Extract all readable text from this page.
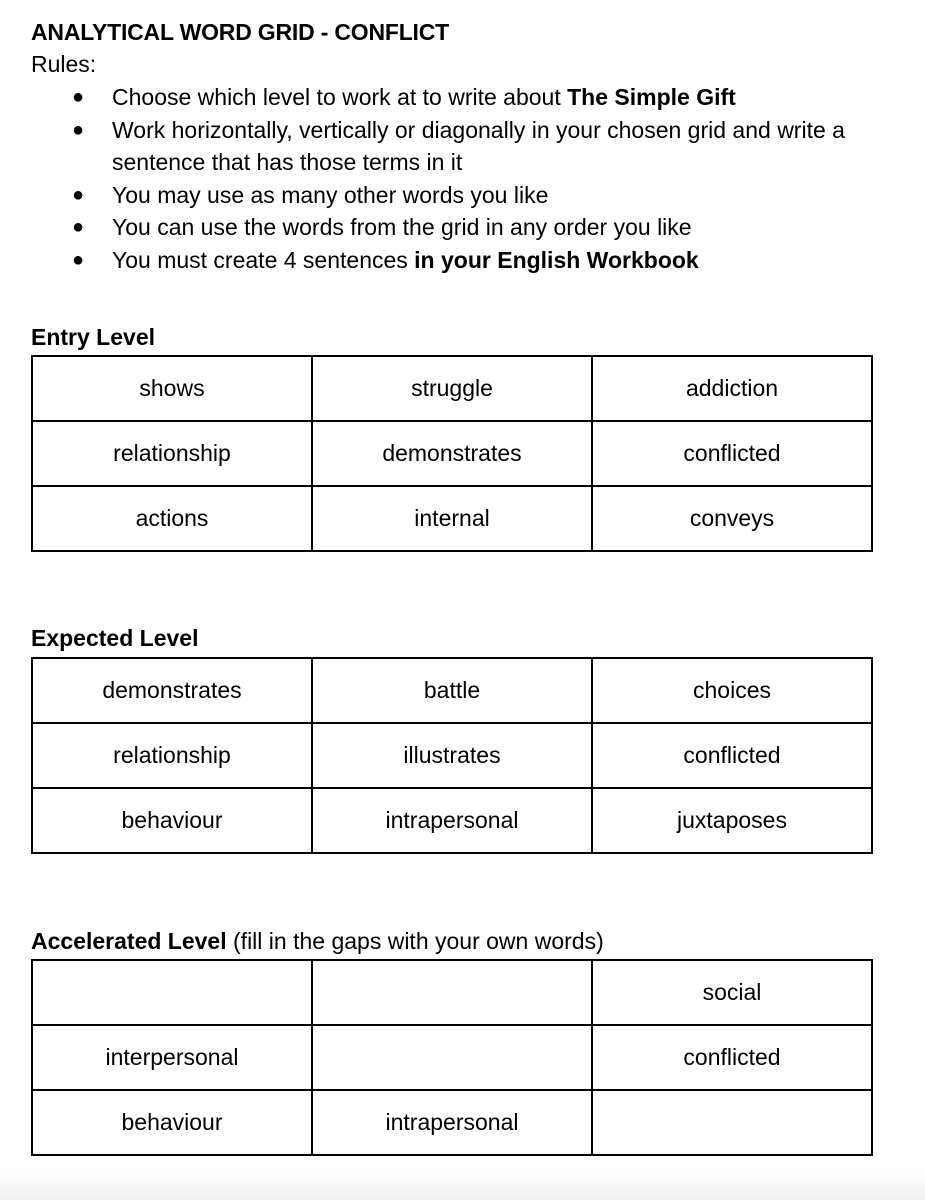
ANALYTICAL WORD GRID - CONFLICT
Rules:
● Choose which level to work at to write about The Simple Gift
● Work horizontally, vertically or diagonally in your chosen grid and write a sentence that has those terms in it
● You may use as many other words you like
● You can use the words from the grid in any order you like
● You must create 4 sentences in your English Workbook
Entry Level
shows	struggle	addiction
relationship	demonstrates	conflicted
actions	internal	conveys
Expected Level
demonstrates	battle	choices
relationship	illustrates	conflicted
behaviour	intrapersonal	juxtaposes
Accelerated Level (fill in the gaps with your own words)
		social
interpersonal		conflicted
behaviour	intrapersonal	
